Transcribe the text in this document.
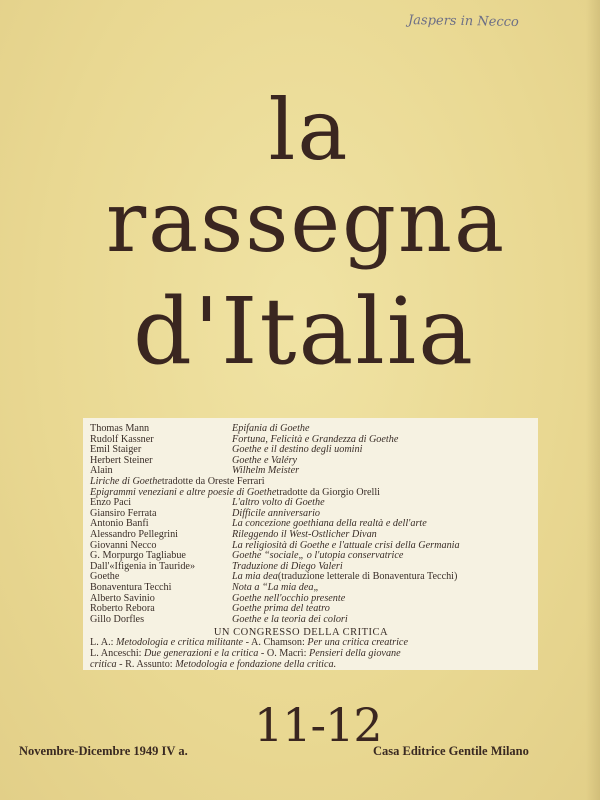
Jaspers in Necco
la
rassegna
d'Italia
Thomas Mann	Epifania di Goethe
Rudolf Kassner	Fortuna, Felicità e Grandezza di Goethe
Emil Staiger	Goethe e il destino degli uomini
Herbert Steiner	Goethe e Valéry
Alain	Wilhelm Meister
Liriche di Goethe tradotte da Oreste Ferrari
Epigrammi veneziani e altre poesie di Goethe tradotte da Giorgio Orelli
Enzo Paci	L'altro volto di Goethe
Giansiro Ferrata	Difficile anniversario
Antonio Banfi	La concezione goethiana della realtà e dell'arte
Alessandro Pellegrini	Rileggendo il West-Ostlicher Divan
Giovanni Necco	La religiosità di Goethe e l'attuale crisi della Germania
G. Morpurgo Tagliabue	Goethe “sociale„ o l'utopia conservatrice
Dall'«Ifigenia in Tauride»	Traduzione di Diego Valeri
Goethe	La mia dea (traduzione letterale di Bonaventura Tecchi)
Bonaventura Tecchi	Nota a “La mia dea„
Alberto Savinio	Goethe nell'occhio presente
Roberto Rebora	Goethe prima del teatro
Gillo Dorfles	Goethe e la teoria dei colori
UN CONGRESSO DELLA CRITICA
L. A.: Metodologia e critica militante - A. Chamson: Per una critica creatrice
L. Anceschi: Due generazioni e la critica - O. Macrì: Pensieri della giovane
critica - R. Assunto: Metodologia e fondazione della critica.
Novembre-Dicembre 1949 IV a. 11-12
Casa Editrice Gentile Milano
